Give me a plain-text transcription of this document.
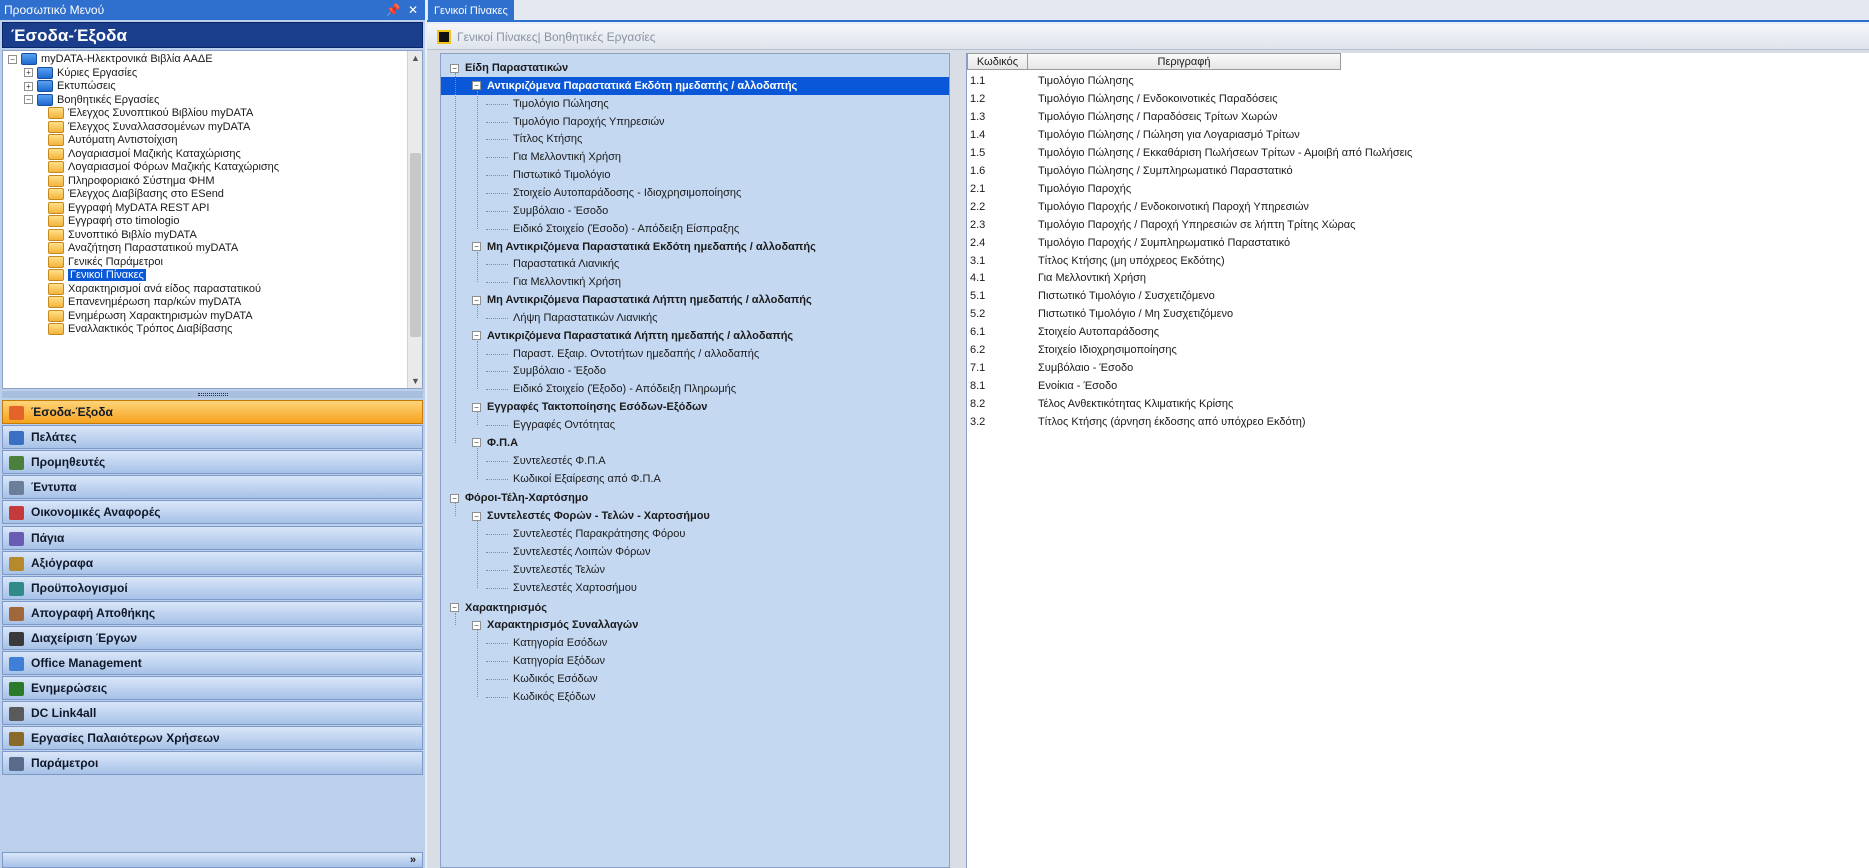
Προσωπικό Μενού	📌 ✕
Έσοδα-Έξοδα
− myDATA-Ηλεκτρονικά Βιβλία ΑΑΔΕ
+ Κύριες Εργασίες
+ Εκτυπώσεις
− Βοηθητικές Εργασίες
Έλεγχος Συνοπτικού Βιβλίου myDATA
Έλεγχος Συναλλασσομένων myDATA
Αυτόματη Αντιστοίχιση
Λογαριασμοί Μαζικής Καταχώρισης
Λογαριασμοί Φόρων Μαζικής Καταχώρισης
Πληροφοριακό Σύστημα ΦΗΜ
Έλεγχος Διαβίβασης στο ESend
Εγγραφή MyDATA REST API
Εγγραφή στο timologio
Συνοπτικό Βιβλίο myDATA
Αναζήτηση Παραστατικού myDATA
Γενικές Παράμετροι
Γενικοί Πίνακες
Χαρακτηρισμοί ανά είδος παραστατικού
Επανενημέρωση παρ/κών myDATA
Ενημέρωση Χαρακτηρισμών myDATA
Εναλλακτικός Τρόπος Διαβίβασης
▲
▼
Έσοδα-Έξοδα
Πελάτες
Προμηθευτές
Έντυπα
Οικονομικές Αναφορές
Πάγια
Αξιόγραφα
Προϋπολογισμοί
Απογραφή Αποθήκης
Διαχείριση Έργων
Office Management
Ενημερώσεις
DC Link4all
Εργασίες Παλαιότερων Χρήσεων
Παράμετροι
»
Γενικοί Πίνακες
Γενικοί Πίνακες| Βοηθητικές Εργασίες
− Είδη Παραστατικών
− Αντικριζόμενα Παραστατικά Εκδότη ημεδαπής / αλλοδαπής
Τιμολόγιο Πώλησης
Τιμολόγιο Παροχής Υπηρεσιών
Τίτλος Κτήσης
Για Μελλοντική Χρήση
Πιστωτικό Τιμολόγιο
Στοιχείο Αυτοπαράδοσης - Ιδιοχρησιμοποίησης
Συμβόλαιο - Έσοδο
Ειδικό Στοιχείο (Έσοδο) - Απόδειξη Είσπραξης
− Μη Αντικριζόμενα Παραστατικά Εκδότη ημεδαπής / αλλοδαπής
Παραστατικά Λιανικής
Για Μελλοντική Χρήση
− Μη Αντικριζόμενα Παραστατικά Λήπτη ημεδαπής / αλλοδαπής
Λήψη Παραστατικών Λιανικής
− Αντικριζόμενα Παραστατικά Λήπτη ημεδαπής / αλλοδαπής
Παραστ. Εξαιρ. Οντοτήτων ημεδαπής / αλλοδαπής
Συμβόλαιο - Έξοδο
Ειδικό Στοιχείο (Έξοδο) - Απόδειξη Πληρωμής
− Εγγραφές Τακτοποίησης Εσόδων-Εξόδων
Εγγραφές Οντότητας
− Φ.Π.Α
Συντελεστές Φ.Π.Α
Κωδικοί Εξαίρεσης από Φ.Π.Α
− Φόροι-Τέλη-Χαρτόσημο
− Συντελεστές Φορών - Τελών - Χαρτοσήμου
Συντελεστές Παρακράτησης Φόρου
Συντελεστές Λοιπών Φόρων
Συντελεστές Τελών
Συντελεστές Χαρτοσήμου
− Χαρακτηρισμός
− Χαρακτηρισμός Συναλλαγών
Κατηγορία Εσόδων
Κατηγορία Εξόδων
Κωδικός Εσόδων
Κωδικός Εξόδων
Κωδικός	Περιγραφή
1.1	Τιμολόγιο Πώλησης
1.2	Τιμολόγιο Πώλησης / Ενδοκοινοτικές Παραδόσεις
1.3	Τιμολόγιο Πώλησης / Παραδόσεις Τρίτων Χωρών
1.4	Τιμολόγιο Πώλησης / Πώληση για Λογαριασμό Τρίτων
1.5	Τιμολόγιο Πώλησης / Εκκαθάριση Πωλήσεων Τρίτων - Αμοιβή από Πωλήσεις
1.6	Τιμολόγιο Πώλησης / Συμπληρωματικό Παραστατικό
2.1	Τιμολόγιο Παροχής
2.2	Τιμολόγιο Παροχής / Ενδοκοινοτική Παροχή Υπηρεσιών
2.3	Τιμολόγιο Παροχής / Παροχή Υπηρεσιών σε λήπτη Τρίτης Χώρας
2.4	Τιμολόγιο Παροχής / Συμπληρωματικό Παραστατικό
3.1	Τίτλος Κτήσης (μη υπόχρεος Εκδότης)
4.1	Για Μελλοντική Χρήση
5.1	Πιστωτικό Τιμολόγιο / Συσχετιζόμενο
5.2	Πιστωτικό Τιμολόγιο / Μη Συσχετιζόμενο
6.1	Στοιχείο Αυτοπαράδοσης
6.2	Στοιχείο Ιδιοχρησιμοποίησης
7.1	Συμβόλαιο - Έσοδο
8.1	Ενοίκια - Έσοδο
8.2	Τέλος Ανθεκτικότητας Κλιματικής Κρίσης
3.2	Τίτλος Κτήσης (άρνηση έκδοσης από υπόχρεο Εκδότη)
